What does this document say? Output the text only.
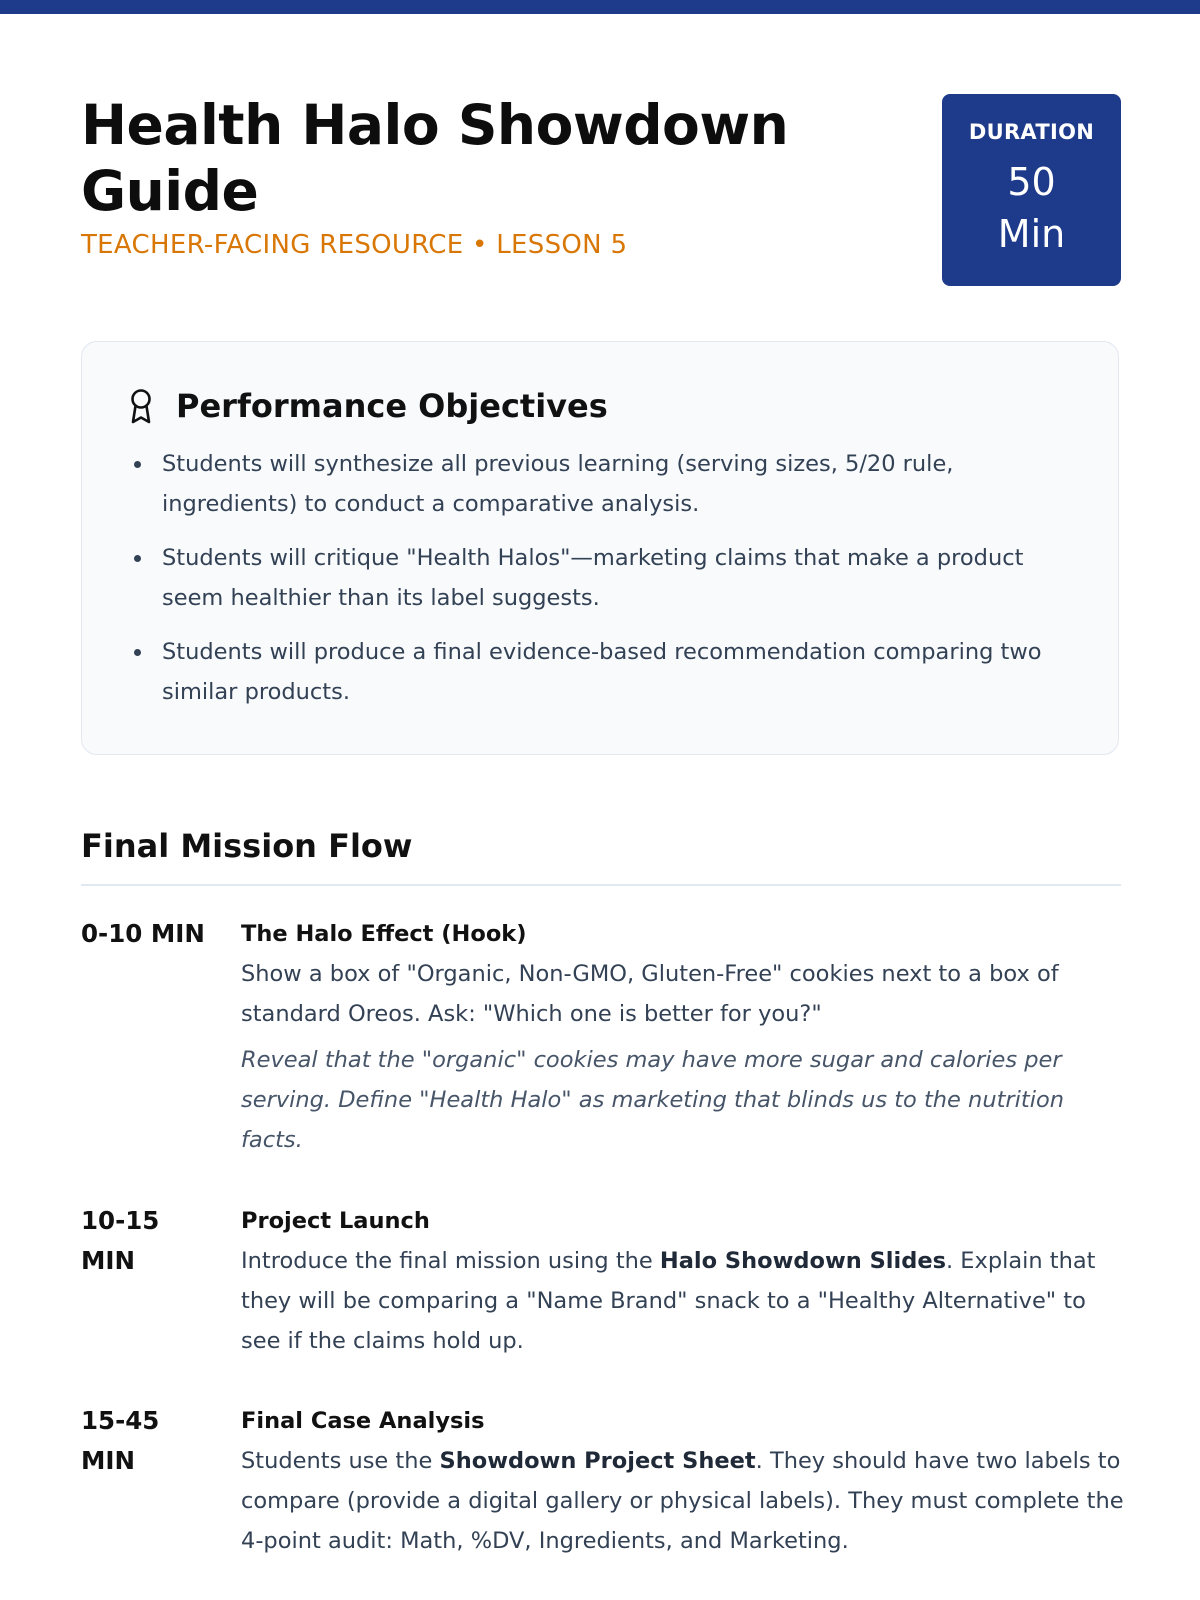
Health Halo Showdown Guide
TEACHER-FACING RESOURCE • LESSON 5
DURATION
50
Min
Performance Objectives
Students will synthesize all previous learning (serving sizes, 5/20 rule, ingredients) to conduct a comparative analysis.
Students will critique "Health Halos"—marketing claims that make a product seem healthier than its label suggests.
Students will produce a final evidence-based recommendation comparing two similar products.
Final Mission Flow
0-10 MIN	The Halo Effect (Hook)
Show a box of "Organic, Non-GMO, Gluten-Free" cookies next to a box of standard Oreos. Ask: "Which one is better for you?"
Reveal that the "organic" cookies may have more sugar and calories per serving. Define "Health Halo" as marketing that blinds us to the nutrition facts.
10-15 MIN
Project Launch
Introduce the final mission using the Halo Showdown Slides. Explain that they will be comparing a "Name Brand" snack to a "Healthy Alternative" to see if the claims hold up.
15-45 MIN
Final Case Analysis
Students use the Showdown Project Sheet. They should have two labels to compare (provide a digital gallery or physical labels). They must complete the 4-point audit: Math, %DV, Ingredients, and Marketing.
